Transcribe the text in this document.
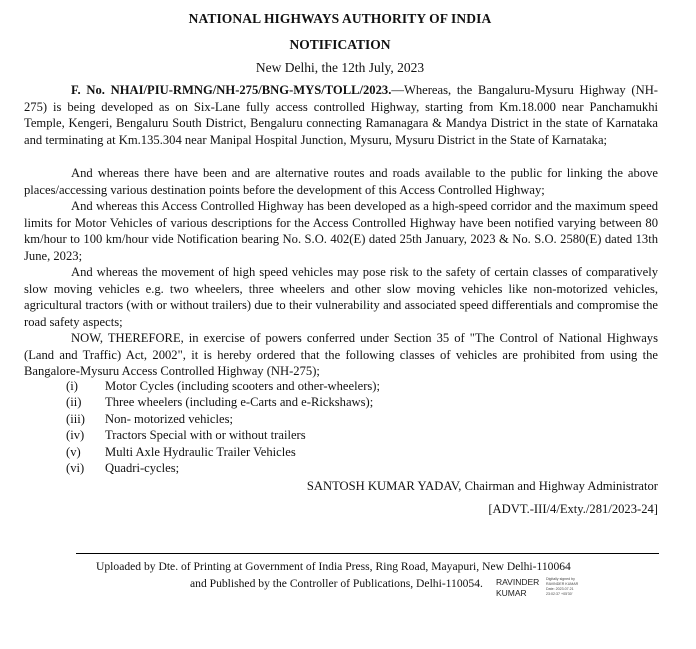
NATIONAL HIGHWAYS AUTHORITY OF INDIA
NOTIFICATION
New Delhi, the 12th July, 2023

F. No. NHAI/PIU-RMNG/NH-275/BNG-MYS/TOLL/2023.—Whereas, the Bangaluru-Mysuru Highway (NH-275) is being developed as on Six-Lane fully access controlled Highway, starting from Km.18.000 near Panchamukhi Temple, Kengeri, Bengaluru South District, Bengaluru connecting Ramanagara & Mandya District in the state of Karnataka and terminating at Km.135.304 near Manipal Hospital Junction, Mysuru, Mysuru District in the State of Karnataka;

And whereas there have been and are alternative routes and roads available to the public for linking the above places/accessing various destination points before the development of this Access Controlled Highway;

And whereas this Access Controlled Highway has been developed as a high-speed corridor and the maximum speed limits for Motor Vehicles of various descriptions for the Access Controlled Highway have been notified varying between 80 km/hour to 100 km/hour vide Notification bearing No. S.O. 402(E) dated 25th January, 2023 & No. S.O. 2580(E) dated 13th June, 2023;

And whereas the movement of high speed vehicles may pose risk to the safety of certain classes of comparatively slow moving vehicles e.g. two wheelers, three wheelers and other slow moving vehicles like non-motorized vehicles, agricultural tractors (with or without trailers) due to their vulnerability and associated speed differentials and compromise the road safety aspects;

NOW, THEREFORE, in exercise of powers conferred under Section 35 of "The Control of National Highways (Land and Traffic) Act, 2002", it is hereby ordered that the following classes of vehicles are prohibited from using the Bangalore-Mysuru Access Controlled Highway (NH-275);

(i)	Motor Cycles (including scooters and other-wheelers);
(ii)	Three wheelers (including e-Carts and e-Rickshaws);
(iii)	Non- motorized vehicles;
(iv)	Tractors Special with or without trailers
(v)	Multi Axle Hydraulic Trailer Vehicles
(vi)	Quadri-cycles;
SANTOSH KUMAR YADAV, Chairman and Highway Administrator
[ADVT.-III/4/Exty./281/2023-24]
Uploaded by Dte. of Printing at Government of India Press, Ring Road, Mayapuri, New Delhi-110064
and Published by the Controller of Publications, Delhi-110054. RAVINDER
KUMAR
Digitally signed by
RAVINDER KUMAR
Date: 2023.07.21
23:02:37 +05'30'
